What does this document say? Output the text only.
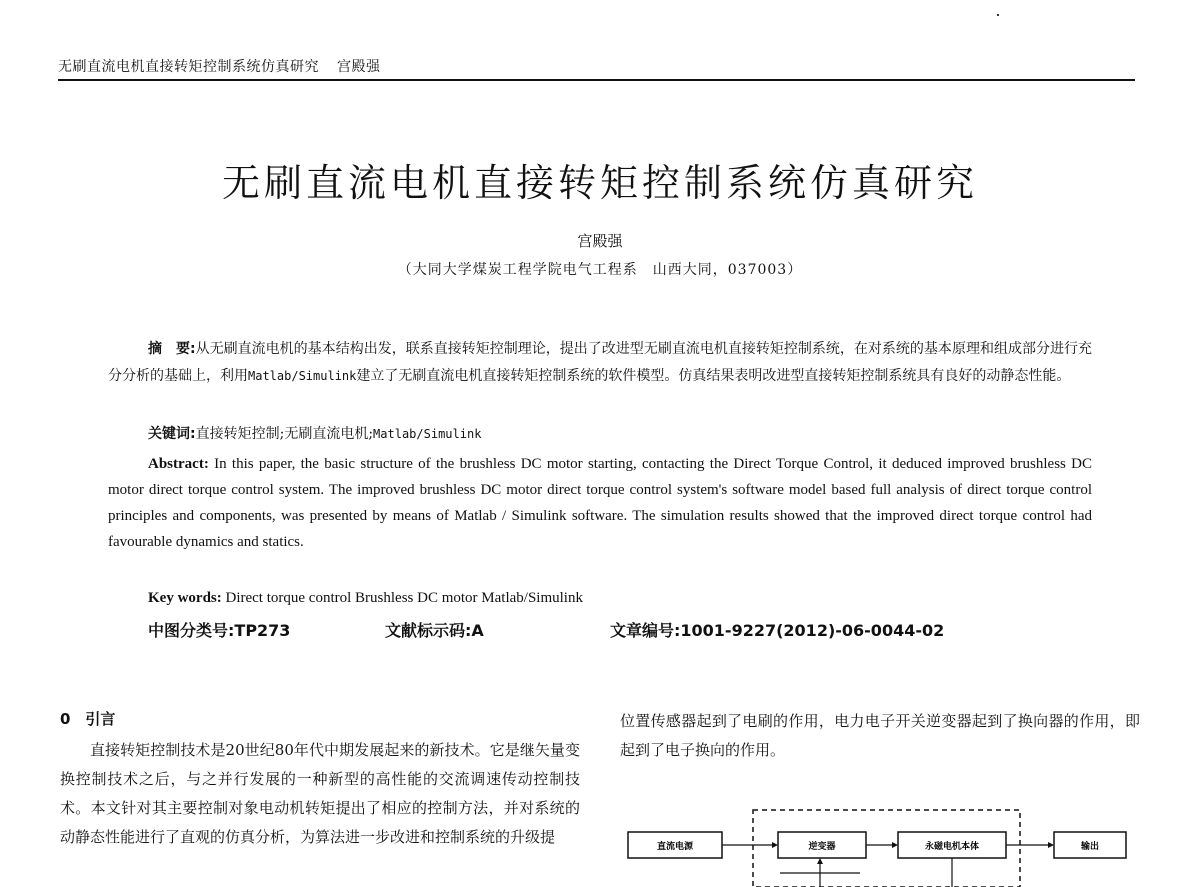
无刷直流电机直接转矩控制系统仿真研究 宫殿强
无刷直流电机直接转矩控制系统仿真研究
宫殿强
（大同大学煤炭工程学院电气工程系　山西大同，037003）
摘　要:从无刷直流电机的基本结构出发，联系直接转矩控制理论，提出了改进型无刷直流电机直接转矩控制系统，在对系统的基本原理和组成部分进行充分分析的基础上，利用Matlab/Simulink建立了无刷直流电机直接转矩控制系统的软件模型。仿真结果表明改进型直接转矩控制系统具有良好的动静态性能。
关键词:直接转矩控制;无刷直流电机;Matlab/Simulink
Abstract: In this paper, the basic structure of the brushless DC motor starting, contacting the Direct Torque Control, it deduced improved brushless DC motor direct torque control system. The improved brushless DC motor direct torque control system's software model based full analysis of direct torque control principles and components, was presented by means of Matlab / Simulink software. The simulation results showed that the improved direct torque control had favourable dynamics and statics.
Key words: Direct torque control Brushless DC motor Matlab/Simulink
中图分类号:TP273	文献标示码:A	文章编号:1001-9227(2012)-06-0044-02
0　引言
直接转矩控制技术是20世纪80年代中期发展起来的新技术。它是继矢量变换控制技术之后，与之并行发展的一种新型的高性能的交流调速传动控制技术。本文针对其主要控制对象电动机转矩提出了相应的控制方法，并对系统的动静态性能进行了直观的仿真分析，为算法进一步改进和控制系统的升级提
位置传感器起到了电刷的作用，电力电子开关逆变器起到了换向器的作用，即起到了电子换向的作用。
直流电源	逆变器	永磁电机本体	输出
